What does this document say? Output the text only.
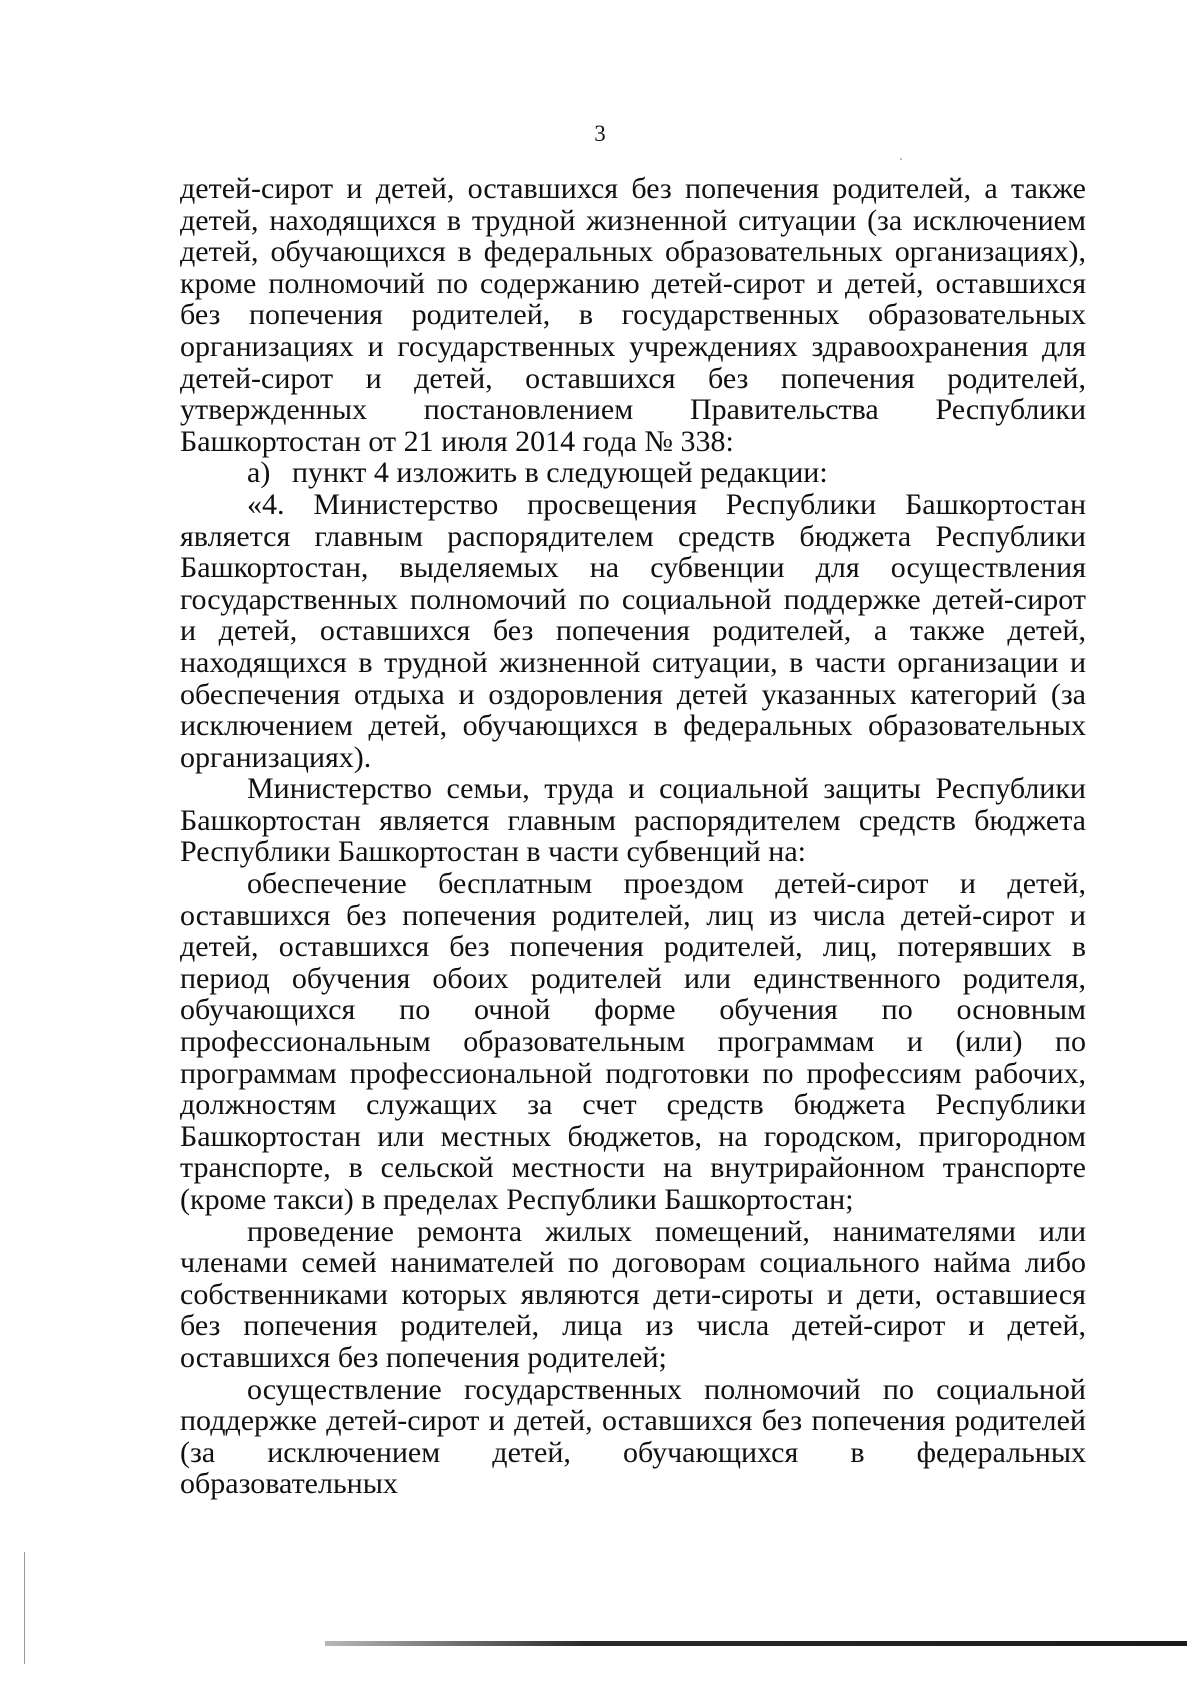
3

детей-сирот и детей, оставшихся без попечения родителей, а также детей, находящихся в трудной жизненной ситуации (за исключением детей, обучающихся в федеральных образовательных организациях), кроме полномочий по содержанию детей-сирот и детей, оставшихся без попечения родителей, в государственных образовательных организациях и государственных учреждениях здравоохранения для детей-сирот и детей, оставшихся без попечения родителей, утвержденных постановлением Правительства Республики Башкортостан от 21 июля 2014 года № 338:

а)	пункт 4 изложить в следующей редакции:

«4. Министерство просвещения Республики Башкортостан является главным распорядителем средств бюджета Республики Башкортостан, выделяемых на субвенции для осуществления государственных полномочий по социальной поддержке детей-сирот и детей, оставшихся без попечения родителей, а также детей, находящихся в трудной жизненной ситуации, в части организации и обеспечения отдыха и оздоровления детей указанных категорий (за исключением детей, обучающихся в федеральных образовательных организациях).

Министерство семьи, труда и социальной защиты Республики Башкортостан является главным распорядителем средств бюджета Республики Башкортостан в части субвенций на:

обеспечение бесплатным проездом детей-сирот и детей, оставшихся без попечения родителей, лиц из числа детей-сирот и детей, оставшихся без попечения родителей, лиц, потерявших в период обучения обоих родителей или единственного родителя, обучающихся по очной форме обучения по основным профессиональным образовательным программам и (или) по программам профессиональной подготовки по профессиям рабочих, должностям служащих за счет средств бюджета Республики Башкортостан или местных бюджетов, на городском, пригородном транспорте, в сельской местности на внутрирайонном транспорте (кроме такси) в пределах Республики Башкортостан;

проведение ремонта жилых помещений, нанимателями или членами семей нанимателей по договорам социального найма либо собственниками которых являются дети-сироты и дети, оставшиеся без попечения родителей, лица из числа детей-сирот и детей, оставшихся без попечения родителей;

осуществление государственных полномочий по социальной поддержке детей-сирот и детей, оставшихся без попечения родителей (за исключением детей, обучающихся в федеральных образовательных
